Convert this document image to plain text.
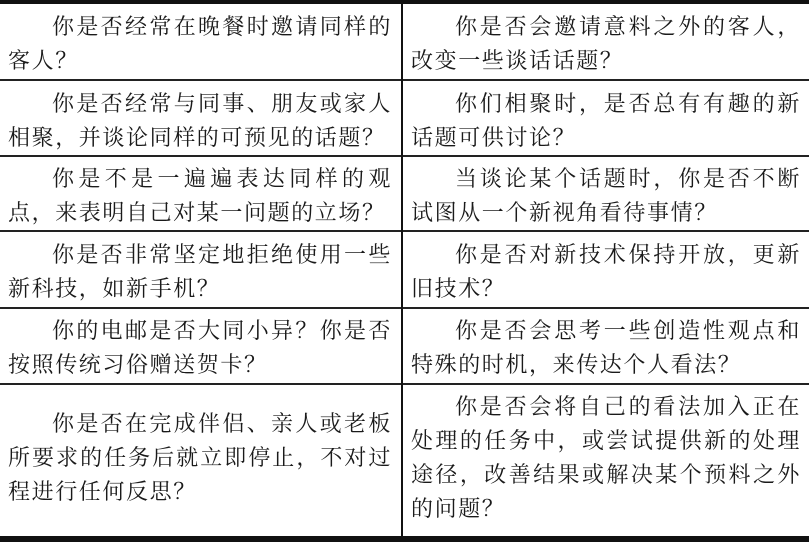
你是否经常在晚餐时邀请同样的客人？

你是否会邀请意料之外的客人，改变一些谈话话题？

你是否经常与同事、朋友或家人相聚，并谈论同样的可预见的话题？

你们相聚时，是否总有有趣的新话题可供讨论？

你是不是一遍遍表达同样的观点，来表明自己对某一问题的立场？

当谈论某个话题时，你是否不断试图从一个新视角看待事情？

你是否非常坚定地拒绝使用一些新科技，如新手机？

你是否对新技术保持开放，更新旧技术？

你的电邮是否大同小异？你是否按照传统习俗赠送贺卡？

你是否会思考一些创造性观点和特殊的时机，来传达个人看法？

你是否在完成伴侣、亲人或老板所要求的任务后就立即停止，不对过程进行任何反思？

你是否会将自己的看法加入正在处理的任务中，或尝试提供新的处理途径，改善结果或解决某个预料之外的问题？
